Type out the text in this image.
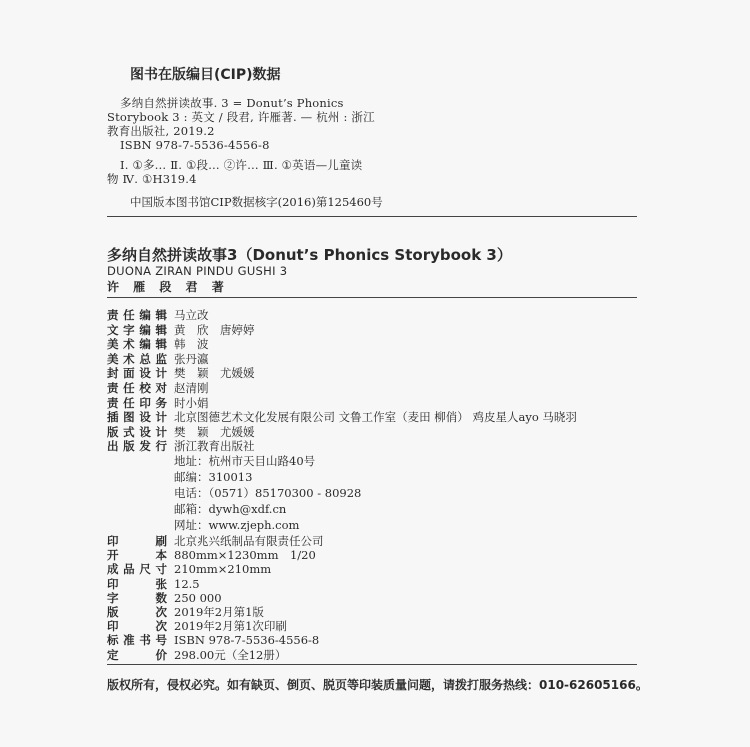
图书在版编目(CIP)数据
多纳自然拼读故事. 3 = Donut’s Phonics
Storybook 3 : 英文 / 段君, 许雁著. — 杭州 : 浙江
教育出版社, 2019.2
ISBN 978-7-5536-4556-8
Ⅰ. ①多… Ⅱ. ①段… ②许… Ⅲ. ①英语—儿童读
物 Ⅳ. ①H319.4
中国版本图书馆CIP数据核字(2016)第125460号
多纳自然拼读故事3（Donut’s Phonics Storybook 3）
DUONA ZIRAN PINDU GUSHI 3
许 雁 段 君 著
责任编辑 马立改
文字编辑 黄　欣　唐婷婷
美术编辑 韩　波
美术总监 张丹瀛
封面设计 樊　颖　尤媛媛
责任校对 赵清刚
责任印务 时小娟
插图设计 北京图德艺术文化发展有限公司 文鲁工作室（麦田 柳俏） 鸡皮星人ayo 马晓羽
版式设计 樊　颖　尤媛媛
出版发行 浙江教育出版社
地址：杭州市天目山路40号
邮编：310013
电话：（0571）85170300 - 80928
邮箱：dywh@xdf.cn
网址：www.zjeph.com
印　刷 北京兆兴纸制品有限责任公司
开　本 880mm×1230mm　1/20
成品尺寸 210mm×210mm
印　张 12.5
字　数 250 000
版　次 2019年2月第1版
印　次 2019年2月第1次印刷
标准书号 ISBN 978-7-5536-4556-8
定　价 298.00元（全12册）
版权所有，侵权必究。如有缺页、倒页、脱页等印装质量问题，请拨打服务热线：010-62605166。
